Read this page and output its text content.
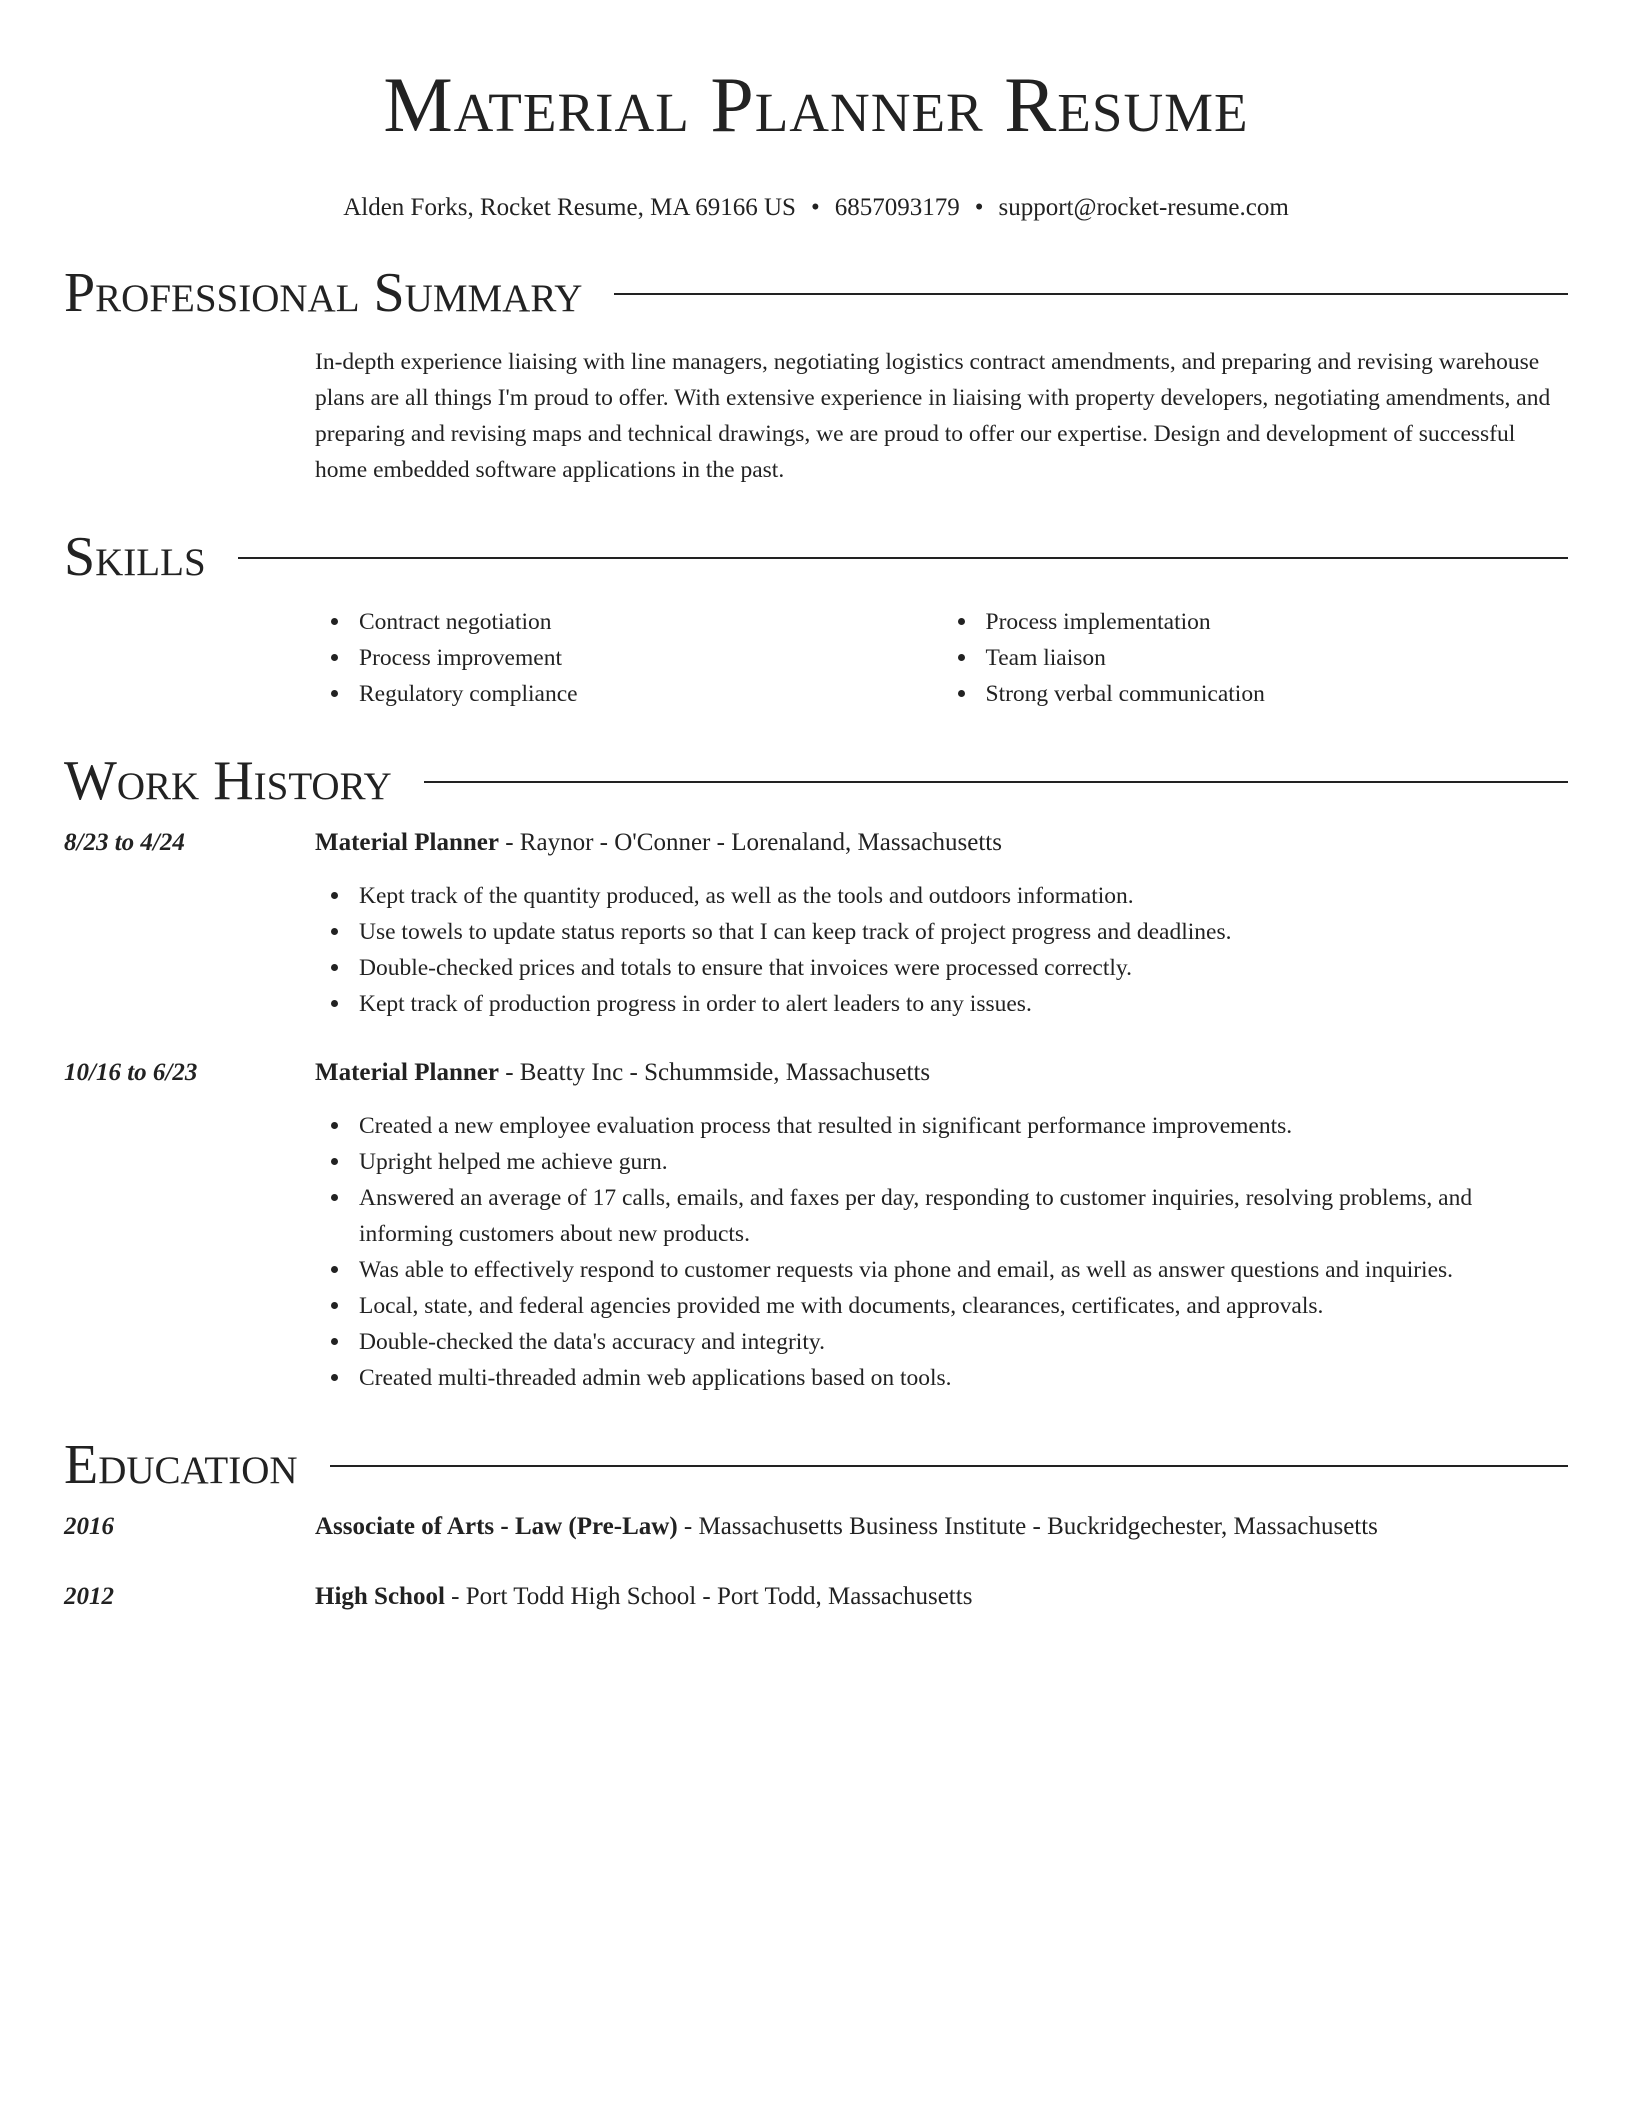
Material Planner Resume
Alden Forks, Rocket Resume, MA 69166 US • 6857093179 • support@rocket-resume.com
Professional Summary
In-depth experience liaising with line managers, negotiating logistics contract amendments, and preparing and revising warehouse plans are all things I'm proud to offer. With extensive experience in liaising with property developers, negotiating amendments, and preparing and revising maps and technical drawings, we are proud to offer our expertise. Design and development of successful home embedded software applications in the past.
Skills
Contract negotiation
Process improvement
Regulatory compliance
Process implementation
Team liaison
Strong verbal communication
Work History
8/23 to 4/24	Material Planner - Raynor - O'Conner - Lorenaland, Massachusetts
Kept track of the quantity produced, as well as the tools and outdoors information.
Use towels to update status reports so that I can keep track of project progress and deadlines.
Double-checked prices and totals to ensure that invoices were processed correctly.
Kept track of production progress in order to alert leaders to any issues.
10/16 to 6/23	Material Planner - Beatty Inc - Schummside, Massachusetts
Created a new employee evaluation process that resulted in significant performance improvements.
Upright helped me achieve gurn.
Answered an average of 17 calls, emails, and faxes per day, responding to customer inquiries, resolving problems, and informing customers about new products.
Was able to effectively respond to customer requests via phone and email, as well as answer questions and inquiries.
Local, state, and federal agencies provided me with documents, clearances, certificates, and approvals.
Double-checked the data's accuracy and integrity.
Created multi-threaded admin web applications based on tools.
Education
2016	Associate of Arts - Law (Pre-Law) - Massachusetts Business Institute - Buckridgechester, Massachusetts
2012	High School - Port Todd High School - Port Todd, Massachusetts
